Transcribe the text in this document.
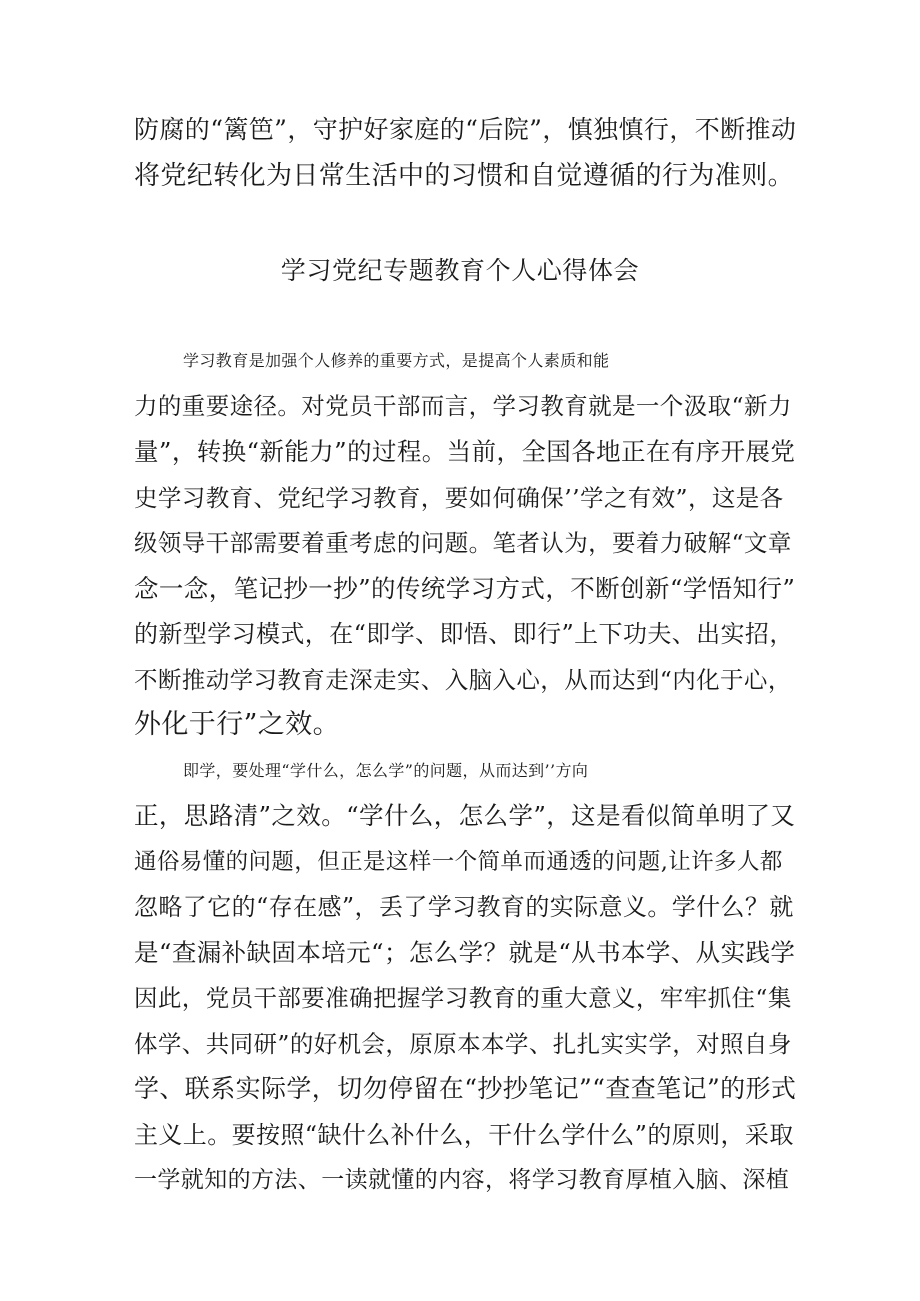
防腐的“篱笆”，守护好家庭的“后院”，慎独慎行，不断推动
将党纪转化为日常生活中的习惯和自觉遵循的行为准则。
学习党纪专题教育个人心得体会
学习教育是加强个人修养的重要方式，是提高个人素质和能
力的重要途径。对党员干部而言，学习教育就是一个汲取“新力
量”，转换“新能力”的过程。当前，全国各地正在有序开展党
史学习教育、党纪学习教育，要如何确保’’学之有效”，这是各
级领导干部需要着重考虑的问题。笔者认为，要着力破解“文章
念一念，笔记抄一抄”的传统学习方式，不断创新“学悟知行”
的新型学习模式，在“即学、即悟、即行”上下功夫、出实招，
不断推动学习教育走深走实、入脑入心，从而达到“内化于心，
外化于行”之效。
即学，要处理“学什么，怎么学”的问题，从而达到’’方向
正，思路清”之效。“学什么，怎么学”，这是看似简单明了又
通俗易懂的问题，但正是这样一个简单而通透的问题,让许多人都
忽略了它的“存在感”，丢了学习教育的实际意义。学什么？就
是“查漏补缺固本培元“；怎么学？就是“从书本学、从实践学
因此，党员干部要准确把握学习教育的重大意义，牢牢抓住“集
体学、共同研”的好机会，原原本本学、扎扎实实学，对照自身
学、联系实际学，切勿停留在“抄抄笔记”“查查笔记”的形式
主义上。要按照“缺什么补什么，干什么学什么”的原则，采取
一学就知的方法、一读就懂的内容，将学习教育厚植入脑、深植
